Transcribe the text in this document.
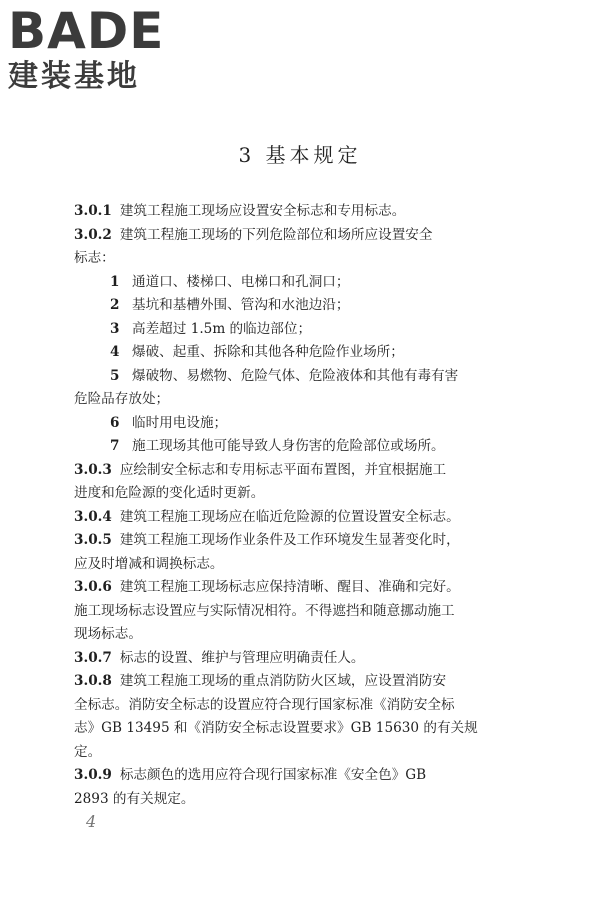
BADE
建装基地
3 基本规定

3.0.1 建筑工程施工现场应设置安全标志和专用标志。

3.0.2 建筑工程施工现场的下列危险部位和场所应设置安全

标志：

1 通道口、楼梯口、电梯口和孔洞口；

2 基坑和基槽外围、管沟和水池边沿；

3 高差超过 1.5m 的临边部位；

4 爆破、起重、拆除和其他各种危险作业场所；

5 爆破物、易燃物、危险气体、危险液体和其他有毒有害

危险品存放处；

6 临时用电设施；

7 施工现场其他可能导致人身伤害的危险部位或场所。

3.0.3 应绘制安全标志和专用标志平面布置图，并宜根据施工

进度和危险源的变化适时更新。

3.0.4 建筑工程施工现场应在临近危险源的位置设置安全标志。

3.0.5 建筑工程施工现场作业条件及工作环境发生显著变化时，

应及时增减和调换标志。

3.0.6 建筑工程施工现场标志应保持清晰、醒目、准确和完好。

施工现场标志设置应与实际情况相符。不得遮挡和随意挪动施工

现场标志。

3.0.7 标志的设置、维护与管理应明确责任人。

3.0.8 建筑工程施工现场的重点消防防火区域，应设置消防安

全标志。消防安全标志的设置应符合现行国家标准《消防安全标

志》GB 13495 和《消防安全标志设置要求》GB 15630 的有关规定。

3.0.9 标志颜色的选用应符合现行国家标准《安全色》GB

2893 的有关规定。

4
